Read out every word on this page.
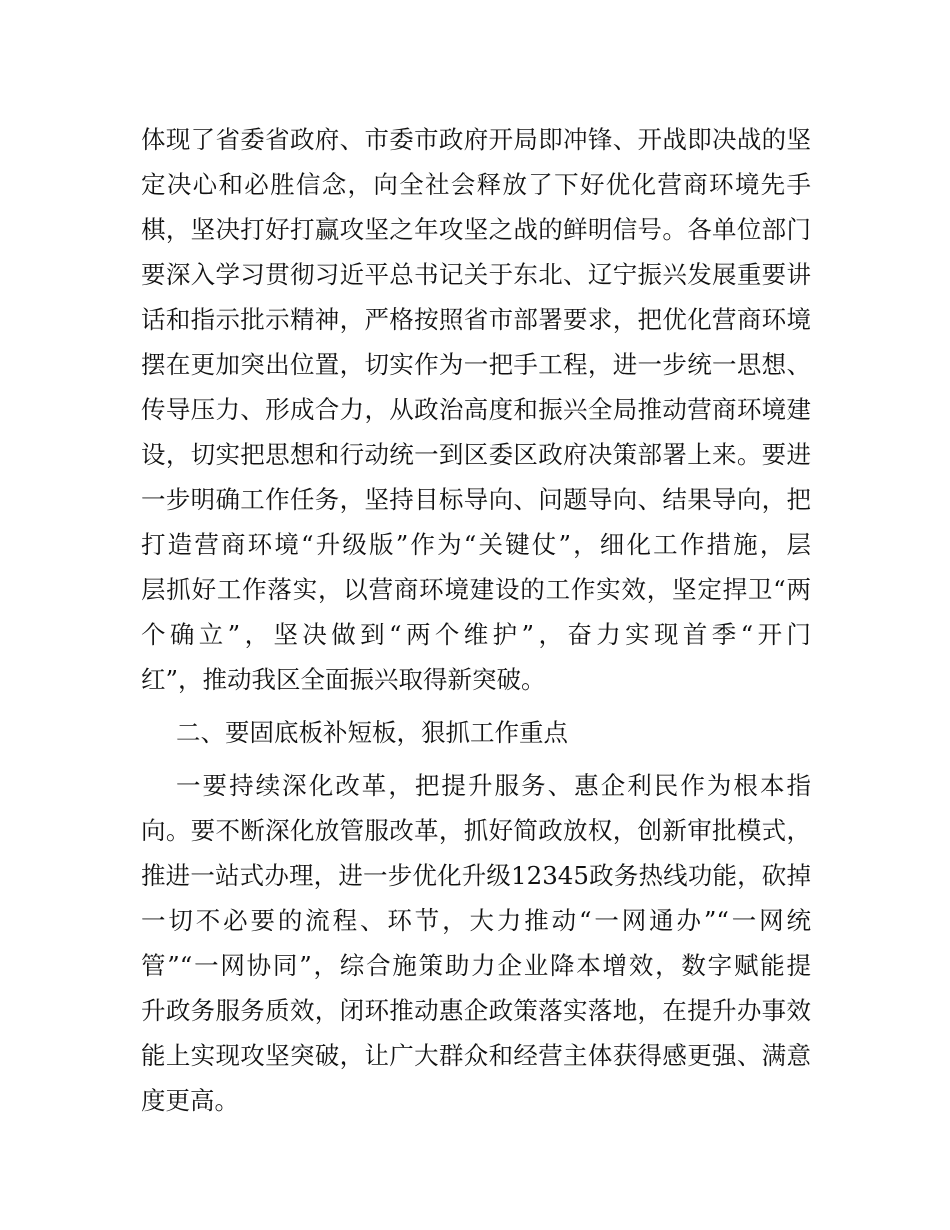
体现了省委省政府、市委市政府开局即冲锋、开战即决战的坚
定决心和必胜信念，向全社会释放了下好优化营商环境先手
棋，坚决打好打赢攻坚之年攻坚之战的鲜明信号。各单位部门
要深入学习贯彻习近平总书记关于东北、辽宁振兴发展重要讲
话和指示批示精神，严格按照省市部署要求，把优化营商环境
摆在更加突出位置，切实作为一把手工程，进一步统一思想、
传导压力、形成合力，从政治高度和振兴全局推动营商环境建
设，切实把思想和行动统一到区委区政府决策部署上来。要进
一步明确工作任务，坚持目标导向、问题导向、结果导向，把
打造营商环境“升级版”作为“关键仗”，细化工作措施，层
层抓好工作落实，以营商环境建设的工作实效，坚定捍卫“两
个确立”，坚决做到“两个维护”，奋力实现首季“开门
红”，推动我区全面振兴取得新突破。
二、要固底板补短板，狠抓工作重点
一要持续深化改革，把提升服务、惠企利民作为根本指
向。要不断深化放管服改革，抓好简政放权，创新审批模式，
推进一站式办理，进一步优化升级12345政务热线功能，砍掉
一切不必要的流程、环节，大力推动“一网通办”“一网统
管”“一网协同”，综合施策助力企业降本增效，数字赋能提
升政务服务质效，闭环推动惠企政策落实落地，在提升办事效
能上实现攻坚突破，让广大群众和经营主体获得感更强、满意
度更高。
